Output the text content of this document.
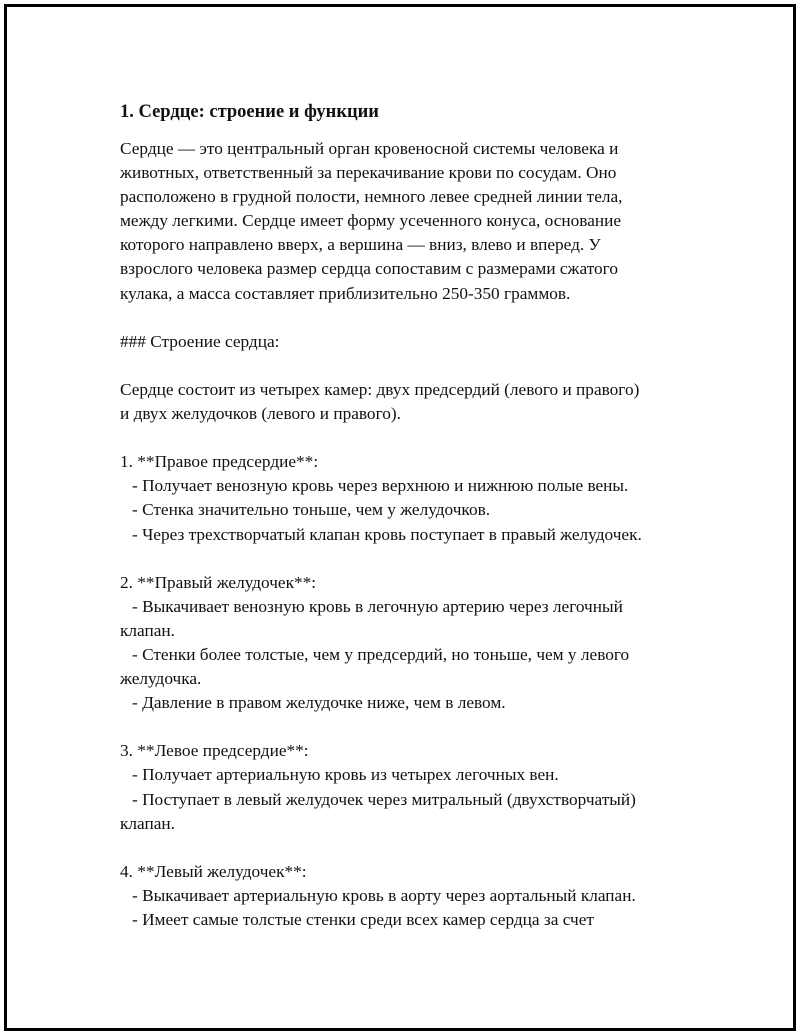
1. Сердце: строение и функции
Сердце — это центральный орган кровеносной системы человека и
животных, ответственный за перекачивание крови по сосудам. Оно
расположено в грудной полости, немного левее средней линии тела,
между легкими. Сердце имеет форму усеченного конуса, основание
которого направлено вверх, а вершина — вниз, влево и вперед. У
взрослого человека размер сердца сопоставим с размерами сжатого
кулака, а масса составляет приблизительно 250-350 граммов.
### Строение сердца:
Сердце состоит из четырех камер: двух предсердий (левого и правого)
и двух желудочков (левого и правого).
1. **Правое предсердие**:
- Получает венозную кровь через верхнюю и нижнюю полые вены.
- Стенка значительно тоньше, чем у желудочков.
- Через трехстворчатый клапан кровь поступает в правый желудочек.
2. **Правый желудочек**:
- Выкачивает венозную кровь в легочную артерию через легочный
клапан.
- Стенки более толстые, чем у предсердий, но тоньше, чем у левого
желудочка.
- Давление в правом желудочке ниже, чем в левом.
3. **Левое предсердие**:
- Получает артериальную кровь из четырех легочных вен.
- Поступает в левый желудочек через митральный (двухстворчатый)
клапан.
4. **Левый желудочек**:
- Выкачивает артериальную кровь в аорту через аортальный клапан.
- Имеет самые толстые стенки среди всех камер сердца за счет
